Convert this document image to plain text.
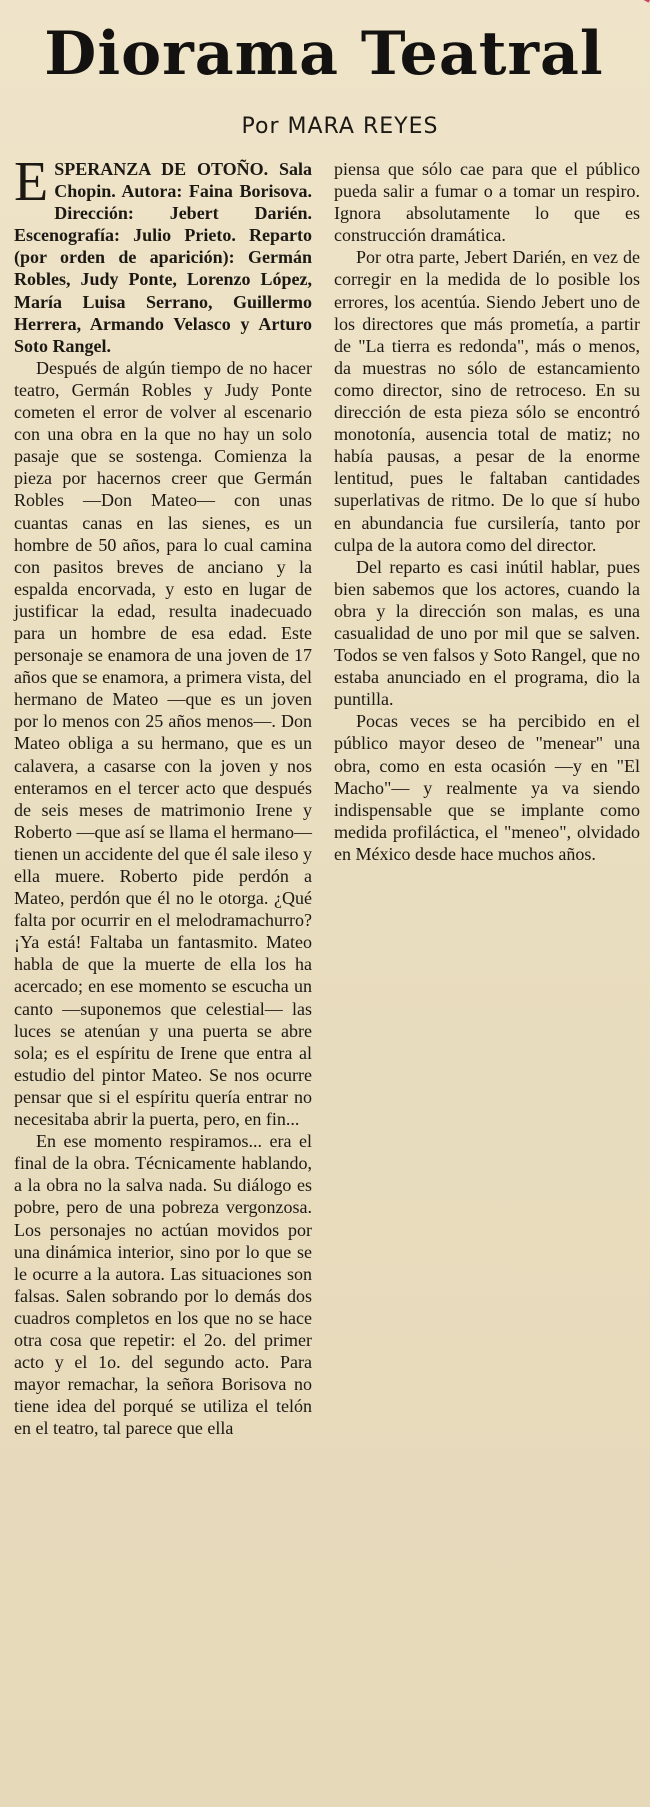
Diorama Teatral
Por MARA REYES

ESPERANZA DE OTOÑO. Sala Chopin. Autora: Faina Borisova. Dirección: Jebert Darién. Escenografía: Julio Prieto. Reparto (por orden de aparición): Germán Robles, Judy Ponte, Lorenzo López, María Luisa Serrano, Guillermo Herrera, Armando Velasco y Arturo Soto Rangel.

Después de algún tiempo de no hacer teatro, Germán Robles y Judy Ponte cometen el error de volver al escenario con una obra en la que no hay un solo pasaje que se sostenga. Comienza la pieza por hacernos creer que Germán Robles —Don Mateo— con unas cuantas canas en las sienes, es un hombre de 50 años, para lo cual camina con pasitos breves de anciano y la espalda encorvada, y esto en lugar de justificar la edad, resulta inadecuado para un hombre de esa edad. Este personaje se enamora de una joven de 17 años que se enamora, a primera vista, del hermano de Mateo —que es un joven por lo menos con 25 años menos—. Don Mateo obliga a su hermano, que es un calavera, a casarse con la joven y nos enteramos en el tercer acto que después de seis meses de matrimonio Irene y Roberto —que así se llama el hermano— tienen un accidente del que él sale ileso y ella muere. Roberto pide perdón a Mateo, perdón que él no le otorga. ¿Qué falta por ocurrir en el melodramachurro? ¡Ya está! Faltaba un fantasmito. Mateo habla de que la muerte de ella los ha acercado; en ese momento se escucha un canto —suponemos que celestial— las luces se atenúan y una puerta se abre sola; es el espíritu de Irene que entra al estudio del pintor Mateo. Se nos ocurre pensar que si el espíritu quería entrar no necesitaba abrir la puerta, pero, en fin...

En ese momento respiramos... era el final de la obra. Técnicamente hablando, a la obra no la salva nada. Su diálogo es pobre, pero de una pobreza vergonzosa. Los personajes no actúan movidos por una dinámica interior, sino por lo que se le ocurre a la autora. Las situaciones son falsas. Salen sobrando por lo demás dos cuadros completos en los que no se hace otra cosa que repetir: el 2o. del primer acto y el 1o. del segundo acto. Para mayor remachar, la señora Borisova no tiene idea del porqué se utiliza el telón en el teatro, tal parece que ella

piensa que sólo cae para que el público pueda salir a fumar o a tomar un respiro. Ignora absolutamente lo que es construcción dramática.

Por otra parte, Jebert Darién, en vez de corregir en la medida de lo posible los errores, los acentúa. Siendo Jebert uno de los directores que más prometía, a partir de "La tierra es redonda", más o menos, da muestras no sólo de estancamiento como director, sino de retroceso. En su dirección de esta pieza sólo se encontró monotonía, ausencia total de matiz; no había pausas, a pesar de la enorme lentitud, pues le faltaban cantidades superlativas de ritmo. De lo que sí hubo en abundancia fue cursilería, tanto por culpa de la autora como del director.

Del reparto es casi inútil hablar, pues bien sabemos que los actores, cuando la obra y la dirección son malas, es una casualidad de uno por mil que se salven. Todos se ven falsos y Soto Rangel, que no estaba anunciado en el programa, dio la puntilla.

Pocas veces se ha percibido en el público mayor deseo de "menear" una obra, como en esta ocasión —y en "El Macho"— y realmente ya va siendo indispensable que se implante como medida profiláctica, el "meneo", olvidado en México desde hace muchos años.
